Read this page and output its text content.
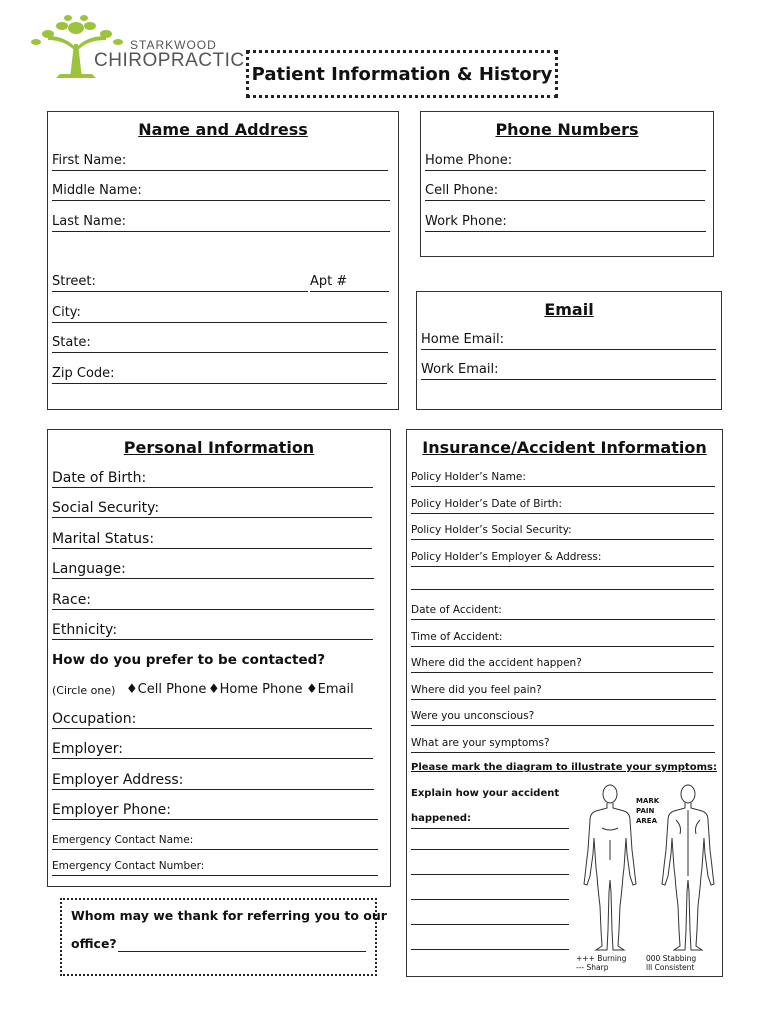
STARKWOOD
CHIROPRACTIC
Patient Information & History
Name and Address
First Name:
Middle Name:
Last Name:
Street:	Apt #
City:
State:
Zip Code:
Phone Numbers
Home Phone:
Cell Phone:
Work Phone:
Email
Home Email:
Work Email:
Personal Information
Date of Birth:
Social Security:
Marital Status:
Language:
Race:
Ethnicity:
How do you prefer to be contacted?
(Circle one) ♦Cell Phone ♦Home Phone ♦Email
Occupation:
Employer:
Employer Address:
Employer Phone:
Emergency Contact Name:
Emergency Contact Number:
Whom may we thank for referring you to our
office?
Insurance/Accident Information
Policy Holder’s Name:
Policy Holder’s Date of Birth:
Policy Holder’s Social Security:
Policy Holder’s Employer & Address:
Date of Accident:
Time of Accident:
Where did the accident happen?
Where did you feel pain?
Were you unconscious?
What are your symptoms?
Please mark the diagram to illustrate your symptoms:
Explain how your accident
happened:
MARK PAIN AREA
+++ Burning
--- Sharp
000 Stabbing
lll Consistent
